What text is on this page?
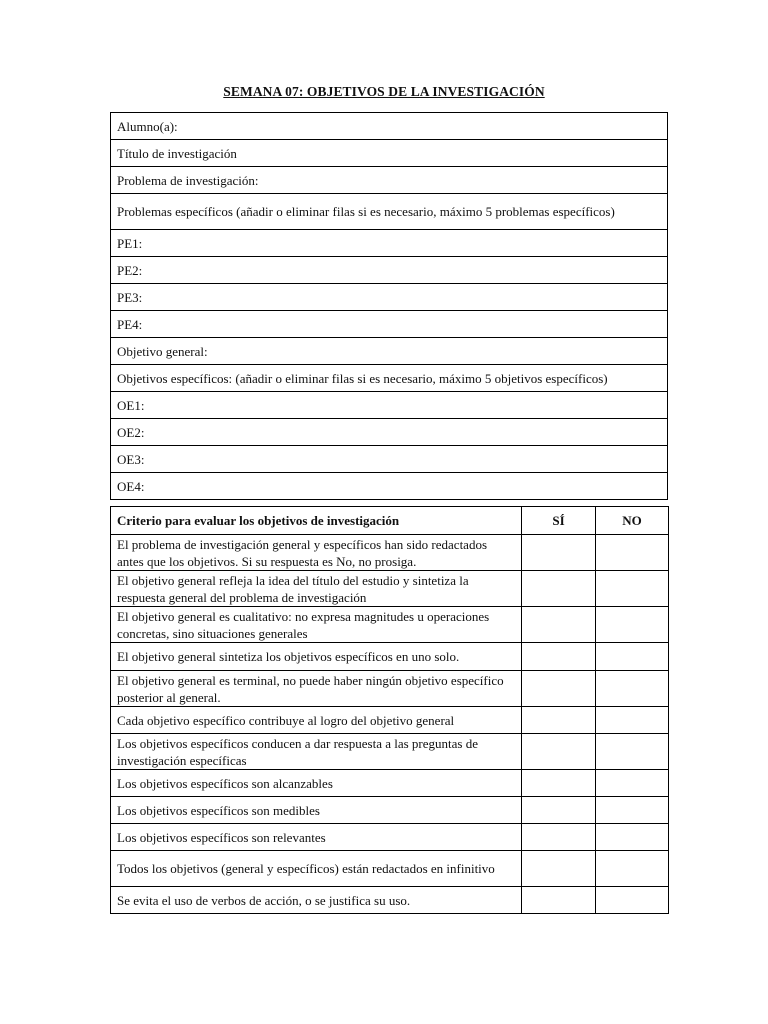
SEMANA 07: OBJETIVOS DE LA INVESTIGACIÓN
Alumno(a):
Título de investigación
Problema de investigación:
Problemas específicos (añadir o eliminar filas si es necesario, máximo 5 problemas específicos)
PE1:
PE2:
PE3:
PE4:
Objetivo general:
Objetivos específicos: (añadir o eliminar filas si es necesario, máximo 5 objetivos específicos)
OE1:
OE2:
OE3:
OE4:
Criterio para evaluar los objetivos de investigación	SÍ	NO
El problema de investigación general y específicos han sido redactados antes que los objetivos. Si su respuesta es No, no prosiga.		
El objetivo general refleja la idea del título del estudio y sintetiza la respuesta general del problema de investigación		
El objetivo general es cualitativo: no expresa magnitudes u operaciones concretas, sino situaciones generales		
El objetivo general sintetiza los objetivos específicos en uno solo.		
El objetivo general es terminal, no puede haber ningún objetivo específico posterior al general.		
Cada objetivo específico contribuye al logro del objetivo general		
Los objetivos específicos conducen a dar respuesta a las preguntas de investigación específicas		
Los objetivos específicos son alcanzables		
Los objetivos específicos son medibles		
Los objetivos específicos son relevantes		
Todos los objetivos (general y específicos) están redactados en infinitivo		
Se evita el uso de verbos de acción, o se justifica su uso.		
